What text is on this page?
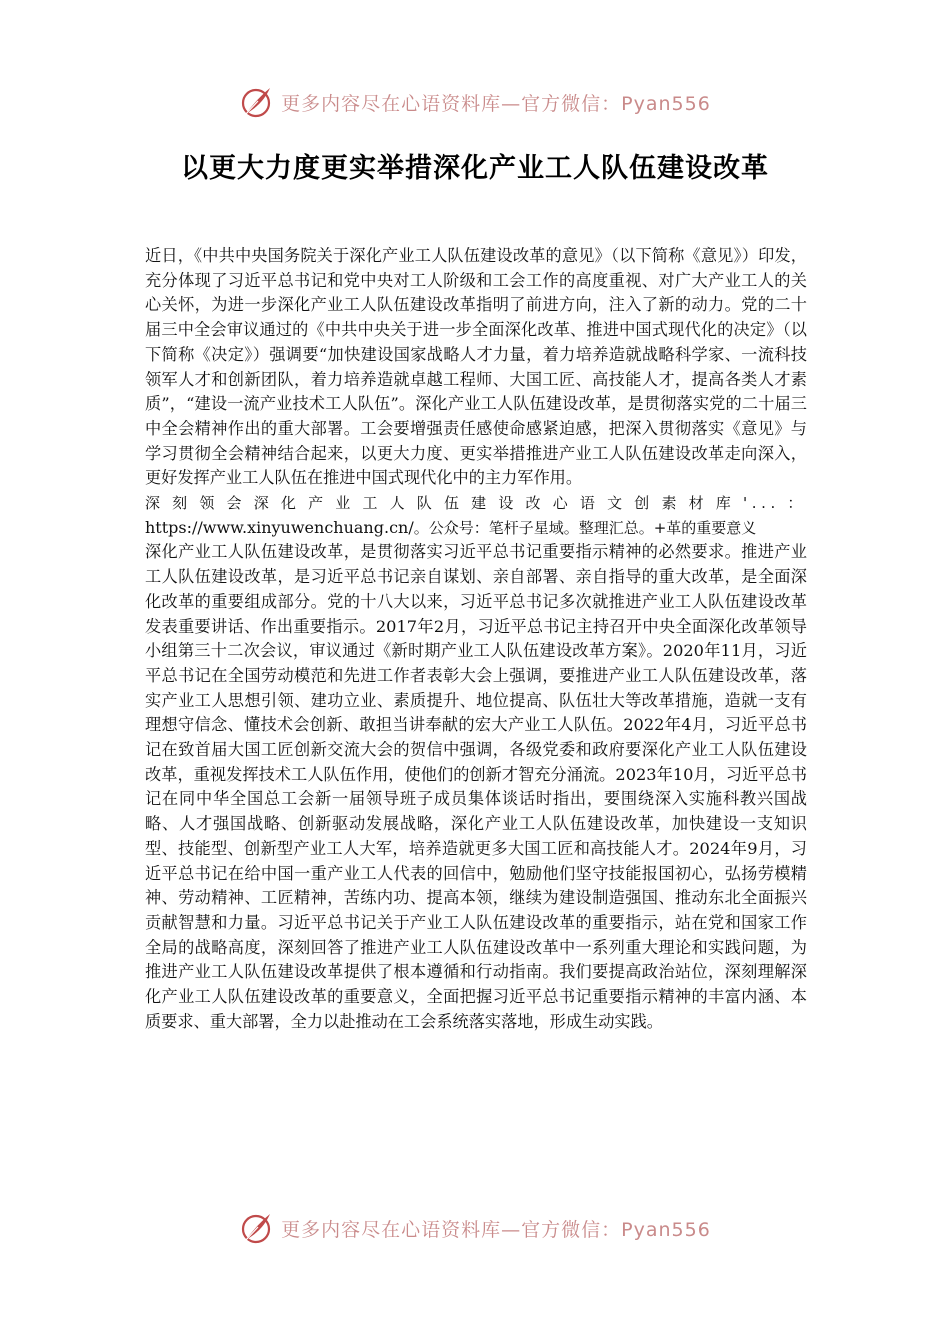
更多内容尽在心语资料库—官方微信：Pyan556
以更大力度更实举措深化产业工人队伍建设改革

近日，《中共中央国务院关于深化产业工人队伍建设改革的意见》（以下简称《意见》）印发，充分体现了习近平总书记和党中央对工人阶级和工会工作的高度重视、对广大产业工人的关心关怀，为进一步深化产业工人队伍建设改革指明了前进方向，注入了新的动力。党的二十届三中全会审议通过的《中共中央关于进一步全面深化改革、推进中国式现代化的决定》（以下简称《决定》）强调要“加快建设国家战略人才力量，着力培养造就战略科学家、一流科技领军人才和创新团队，着力培养造就卓越工程师、大国工匠、高技能人才，提高各类人才素质”，“建设一流产业技术工人队伍”。深化产业工人队伍建设改革，是贯彻落实党的二十届三中全会精神作出的重大部署。工会要增强责任感使命感紧迫感，把深入贯彻落实《意见》与学习贯彻全会精神结合起来，以更大力度、更实举措推进产业工人队伍建设改革走向深入，更好发挥产业工人队伍在推进中国式现代化中的主力军作用。

深刻领会深化产业工人队伍建设改心语文创素材库'...： https://www.xinyuwenchuang.cn/。公众号：笔杆子星域。整理汇总。+革的重要意义

深化产业工人队伍建设改革，是贯彻落实习近平总书记重要指示精神的必然要求。推进产业工人队伍建设改革，是习近平总书记亲自谋划、亲自部署、亲自指导的重大改革，是全面深化改革的重要组成部分。党的十八大以来，习近平总书记多次就推进产业工人队伍建设改革发表重要讲话、作出重要指示。2017年2月，习近平总书记主持召开中央全面深化改革领导小组第三十二次会议，审议通过《新时期产业工人队伍建设改革方案》。2020年11月，习近平总书记在全国劳动模范和先进工作者表彰大会上强调，要推进产业工人队伍建设改革，落实产业工人思想引领、建功立业、素质提升、地位提高、队伍壮大等改革措施，造就一支有理想守信念、懂技术会创新、敢担当讲奉献的宏大产业工人队伍。2022年4月，习近平总书记在致首届大国工匠创新交流大会的贺信中强调，各级党委和政府要深化产业工人队伍建设改革，重视发挥技术工人队伍作用，使他们的创新才智充分涌流。2023年10月，习近平总书记在同中华全国总工会新一届领导班子成员集体谈话时指出，要围绕深入实施科教兴国战略、人才强国战略、创新驱动发展战略，深化产业工人队伍建设改革，加快建设一支知识型、技能型、创新型产业工人大军，培养造就更多大国工匠和高技能人才。2024年9月，习近平总书记在给中国一重产业工人代表的回信中，勉励他们坚守技能报国初心，弘扬劳模精神、劳动精神、工匠精神，苦练内功、提高本领，继续为建设制造强国、推动东北全面振兴贡献智慧和力量。习近平总书记关于产业工人队伍建设改革的重要指示，站在党和国家工作全局的战略高度，深刻回答了推进产业工人队伍建设改革中一系列重大理论和实践问题，为推进产业工人队伍建设改革提供了根本遵循和行动指南。我们要提高政治站位，深刻理解深化产业工人队伍建设改革的重要意义，全面把握习近平总书记重要指示精神的丰富内涵、本质要求、重大部署，全力以赴推动在工会系统落实落地，形成生动实践。

更多内容尽在心语资料库—官方微信：Pyan556
